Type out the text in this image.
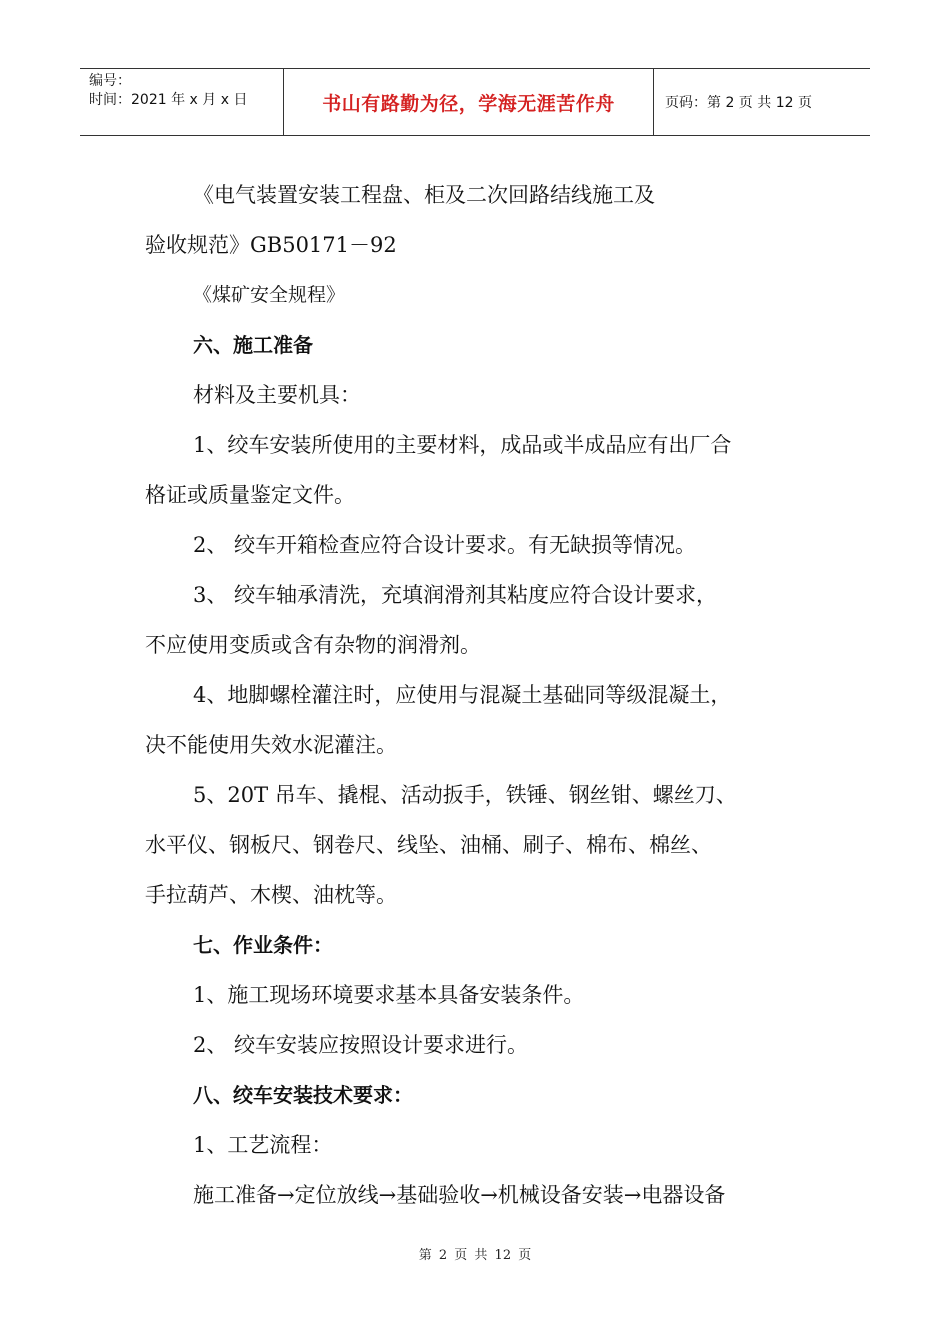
编号：
时间：2021 年 x 月 x 日	书山有路勤为径，学海无涯苦作舟	页码：第 2 页 共 12 页
《电气装置安装工程盘、柜及二次回路结线施工及
验收规范》GB50171－92
《煤矿安全规程》
六、施工准备
材料及主要机具：
1、绞车安装所使用的主要材料，成品或半成品应有出厂合
格证或质量鉴定文件。
2、 绞车开箱检查应符合设计要求。有无缺损等情况。
3、 绞车轴承清洗，充填润滑剂其粘度应符合设计要求，
不应使用变质或含有杂物的润滑剂。
4、地脚螺栓灌注时，应使用与混凝土基础同等级混凝土，
决不能使用失效水泥灌注。
5、20T 吊车、撬棍、活动扳手，铁锤、钢丝钳、螺丝刀、
水平仪、钢板尺、钢卷尺、线坠、油桶、刷子、棉布、棉丝、
手拉葫芦、木楔、油枕等。
七、作业条件：
1、施工现场环境要求基本具备安装条件。
2、 绞车安装应按照设计要求进行。
八、绞车安装技术要求：
1、工艺流程：
施工准备→定位放线→基础验收→机械设备安装→电器设备
第 2 页 共 12 页
